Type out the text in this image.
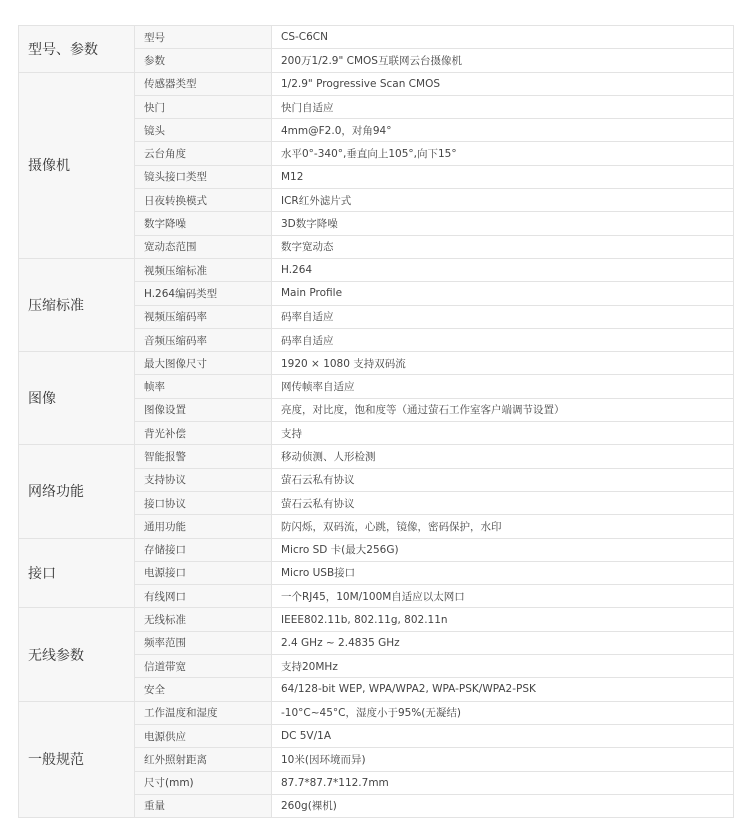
型号、参数	型号	CS-C6CN
	参数	200万1/2.9" CMOS互联网云台摄像机
摄像机	传感器类型	1/2.9" Progressive Scan CMOS
	快门	快门自适应
	镜头	4mm@F2.0，对角94°
	云台角度	水平0°-340°,垂直向上105°,向下15°
	镜头接口类型	M12
	日夜转换模式	ICR红外滤片式
	数字降噪	3D数字降噪
	宽动态范围	数字宽动态
压缩标准	视频压缩标准	H.264
	H.264编码类型	Main Profile
	视频压缩码率	码率自适应
	音频压缩码率	码率自适应
图像	最大图像尺寸	1920 × 1080 支持双码流
	帧率	网传帧率自适应
	图像设置	亮度，对比度，饱和度等（通过萤石工作室客户端调节设置）
	背光补偿	支持
网络功能	智能报警	移动侦测、人形检测
	支持协议	萤石云私有协议
	接口协议	萤石云私有协议
	通用功能	防闪烁，双码流，心跳，镜像，密码保护，水印
接口	存储接口	Micro SD 卡(最大256G)
	电源接口	Micro USB接口
	有线网口	一个RJ45，10M/100M自适应以太网口
无线参数	无线标准	IEEE802.11b, 802.11g, 802.11n
	频率范围	2.4 GHz ~ 2.4835 GHz
	信道带宽	支持20MHz
	安全	64/128-bit WEP, WPA/WPA2, WPA-PSK/WPA2-PSK
一般规范	工作温度和湿度	-10°C~45°C，湿度小于95%(无凝结)
	电源供应	DC 5V/1A
	红外照射距离	10米(因环境而异)
	尺寸(mm)	87.7*87.7*112.7mm
	重量	260g(裸机)
